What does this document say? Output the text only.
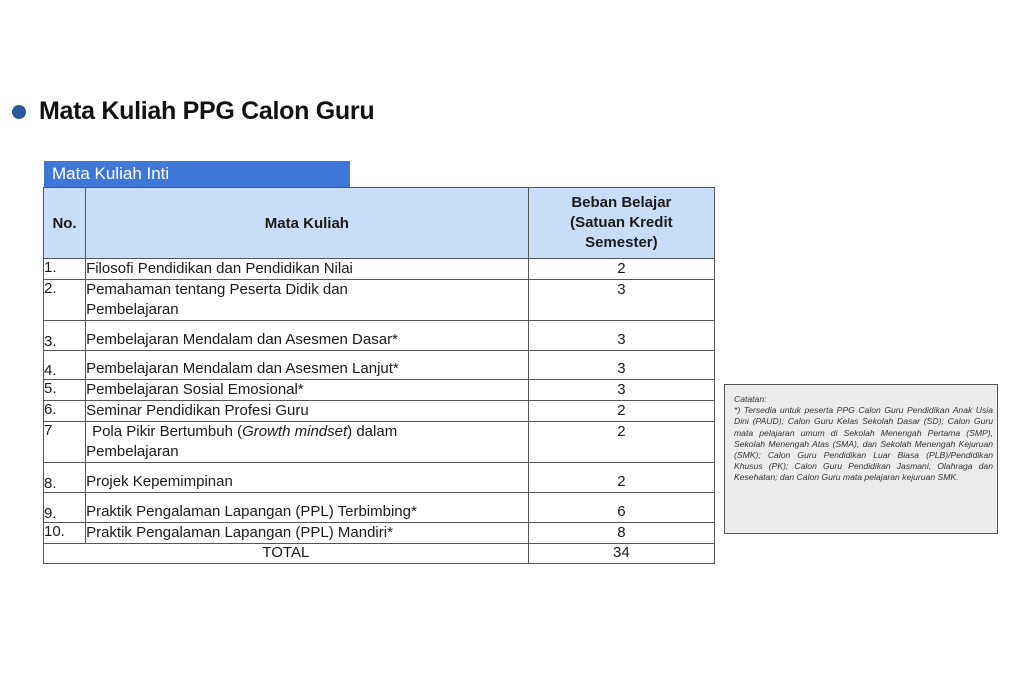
Mata Kuliah PPG Calon Guru
Mata Kuliah Inti
No.	Mata Kuliah	Beban Belajar
(Satuan Kredit
Semester)

1.	Filosofi Pendidikan dan Pendidikan Nilai	2
2.	Pemahaman tentang Peserta Didik dan
Pembelajaran	3
3.	Pembelajaran Mendalam dan Asesmen Dasar*	3
4.	Pembelajaran Mendalam dan Asesmen Lanjut*	3
5.	Pembelajaran Sosial Emosional*	3
6.	Seminar Pendidikan Profesi Guru	2
7	Pola Pikir Bertumbuh (Growth mindset) dalam
Pembelajaran	2
8.	Projek Kepemimpinan	2
9.	Praktik Pengalaman Lapangan (PPL) Terbimbing*	6
10.	Praktik Pengalaman Lapangan (PPL) Mandiri*	8
TOTAL		34

Catatan:

*) Tersedia untuk peserta PPG Calon Guru Pendidikan Anak Usia Dini (PAUD); Calon Guru Kelas Sekolah Dasar (SD); Calon Guru mata pelajaran umum di Sekolah Menengah Pertama (SMP), Sekolah Menengah Atas (SMA), dan Sekolah Menengah Kejuruan (SMK); Calon Guru Pendidikan Luar Biasa (PLB)/Pendidikan Khusus (PK); Calon Guru Pendidikan Jasmani, Olahraga dan Kesehatan; dan Calon Guru mata pelajaran kejuruan SMK.
